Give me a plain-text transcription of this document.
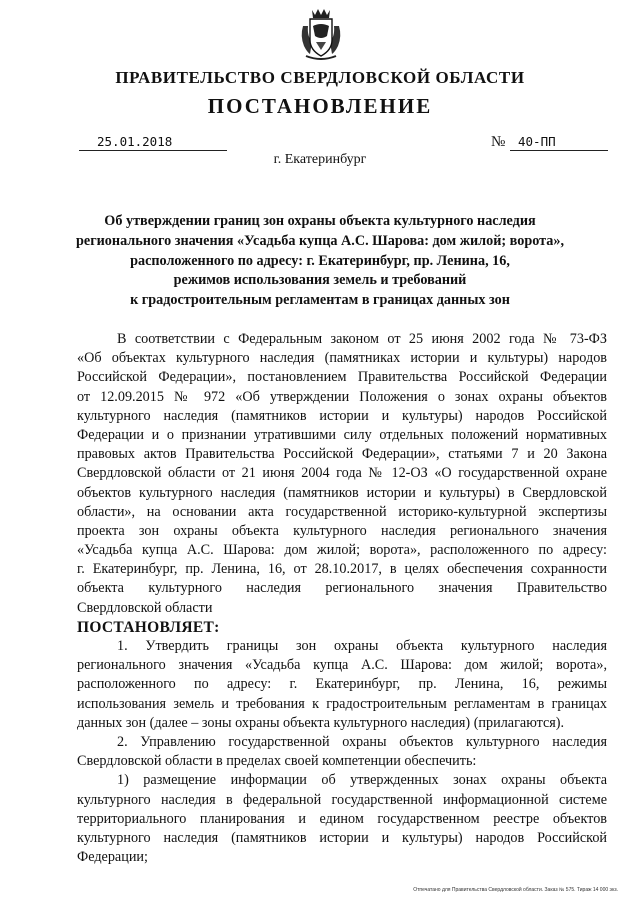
ПРАВИТЕЛЬСТВО СВЕРДЛОВСКОЙ ОБЛАСТИ
ПОСТАНОВЛЕНИЕ
25.01.2018	№	40-ПП
г. Екатеринбург
Об утверждении границ зон охраны объекта культурного наследия
регионального значения «Усадьба купца А.С. Шарова: дом жилой; ворота»,
расположенного по адресу: г. Екатеринбург, пр. Ленина, 16,
режимов использования земель и требований
к градостроительным регламентам в границах данных зон
В соответствии с Федеральным законом от 25 июня 2002 года № 73-ФЗ
«Об объектах культурного наследия (памятниках истории и культуры) народов
Российской Федерации», постановлением Правительства Российской Федерации
от 12.09.2015 № 972 «Об утверждении Положения о зонах охраны объектов
культурного наследия (памятников истории и культуры) народов Российской
Федерации и о признании утратившими силу отдельных положений нормативных
правовых актов Правительства Российской Федерации», статьями 7 и 20 Закона
Свердловской области от 21 июня 2004 года № 12-ОЗ «О государственной охране
объектов культурного наследия (памятников истории и культуры) в Свердловской
области», на основании акта государственной историко-культурной экспертизы
проекта зон охраны объекта культурного наследия регионального значения
«Усадьба купца А.С. Шарова: дом жилой; ворота», расположенного по адресу:
г. Екатеринбург, пр. Ленина, 16, от 28.10.2017, в целях обеспечения сохранности
объекта культурного наследия регионального значения Правительство
Свердловской области
ПОСТАНОВЛЯЕТ:
1. Утвердить границы зон охраны объекта культурного наследия
регионального значения «Усадьба купца А.С. Шарова: дом жилой; ворота»,
расположенного по адресу: г. Екатеринбург, пр. Ленина, 16, режимы
использования земель и требования к градостроительным регламентам в границах
данных зон (далее – зоны охраны объекта культурного наследия) (прилагаются).
2. Управлению государственной охраны объектов культурного наследия
Свердловской области в пределах своей компетенции обеспечить:
1) размещение информации об утвержденных зонах охраны объекта
культурного наследия в федеральной государственной информационной системе
территориального планирования и едином государственном реестре объектов
культурного наследия (памятников истории и культуры) народов Российской
Федерации;
Отпечатано для Правительства Свердловской области. Заказ № 575. Тираж 14 000 экз.
